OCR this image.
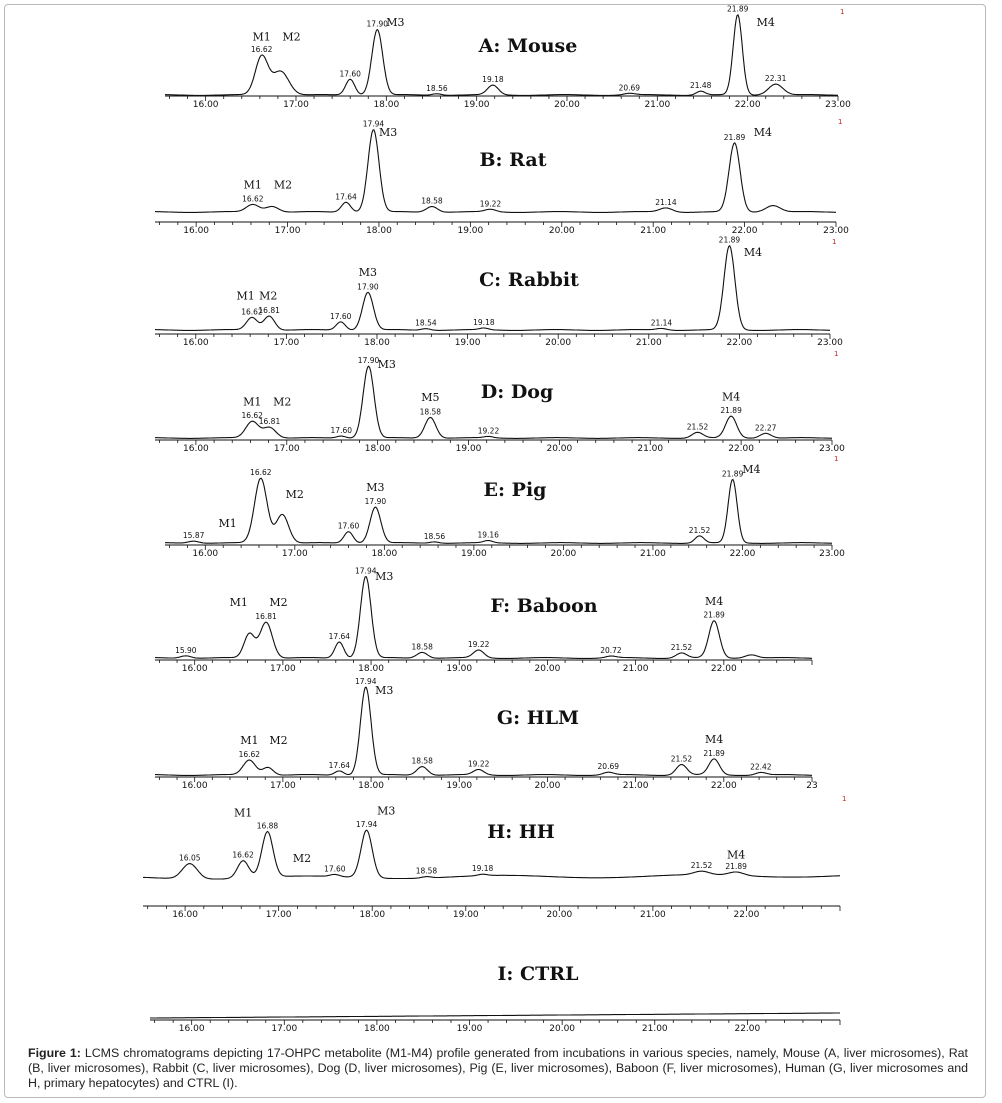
16.00	17.00	18.00	19.00	20.00	21.00	22.00	23.00
A: Mouse
16.62
17.60
17.90
18.56
19.18
20.69	21.48
21.89
22.31
M1 M2
M3	M4
1
16.00	17.00	18.00	19.00	20.00	21.00	22.00	23.00
B: Rat
16.62	17.64
17.94
18.58	19.22	21.14
21.89
M1 M2
M3	M4
1
16.00	17.00	18.00	19.00	20.00	21.00	22.00	23.00
C: Rabbit
16.62
16.81
17.60
17.90
18.54	19.18	21.14
21.89
M1 M2
M3
M4
1
16.00	17.00	18.00	19.00	20.00	21.00	22.00	23.00
D: Dog
16.62
16.81
17.60
17.90
18.58
19.22	21.52
21.89
22.27
M1 M2
M3
M5	M4
1
16.00	17.00	18.00	19.00	20.00	21.00	22.00	23.00
E: Pig
15.87
16.62
17.60
17.90
18.56	19.16
21.52
21.89
M1
M2
M3
M4
1
16.00	17.00	18.00	19.00	20.00	21.00	22.00
F: Baboon
15.90
16.81
17.64
17.94
18.58	19.22
20.72	21.52
21.89
M1 M2
M3
M4
16.00	17.00	18.00	19.00	20.00	21.00	22.00	23
G: HLM
16.62
17.64
17.94
18.58	19.22	20.69
21.52
21.89
22.42
M1 M2
M3
M4
16.00	17.00	18.00	19.00	20.00	21.00	22.00
H: HH
16.05	16.62
16.88
17.60
17.94
18.58	19.18	21.52 21.89
M1
M2
M3
M4
1
16.00	17.00	18.00	19.00	20.00	21.00	22.00
I: CTRL
Figure 1: LCMS chromatograms depicting 17-OHPC metabolite (M1-M4) profile generated from incubations in various species, namely, Mouse (A, liver microsomes), Rat (B, liver microsomes), Rabbit (C, liver microsomes), Dog (D, liver microsomes), Pig (E, liver microsomes), Baboon (F, liver microsomes), Human (G, liver microsomes and H, primary hepatocytes) and CTRL (I).
